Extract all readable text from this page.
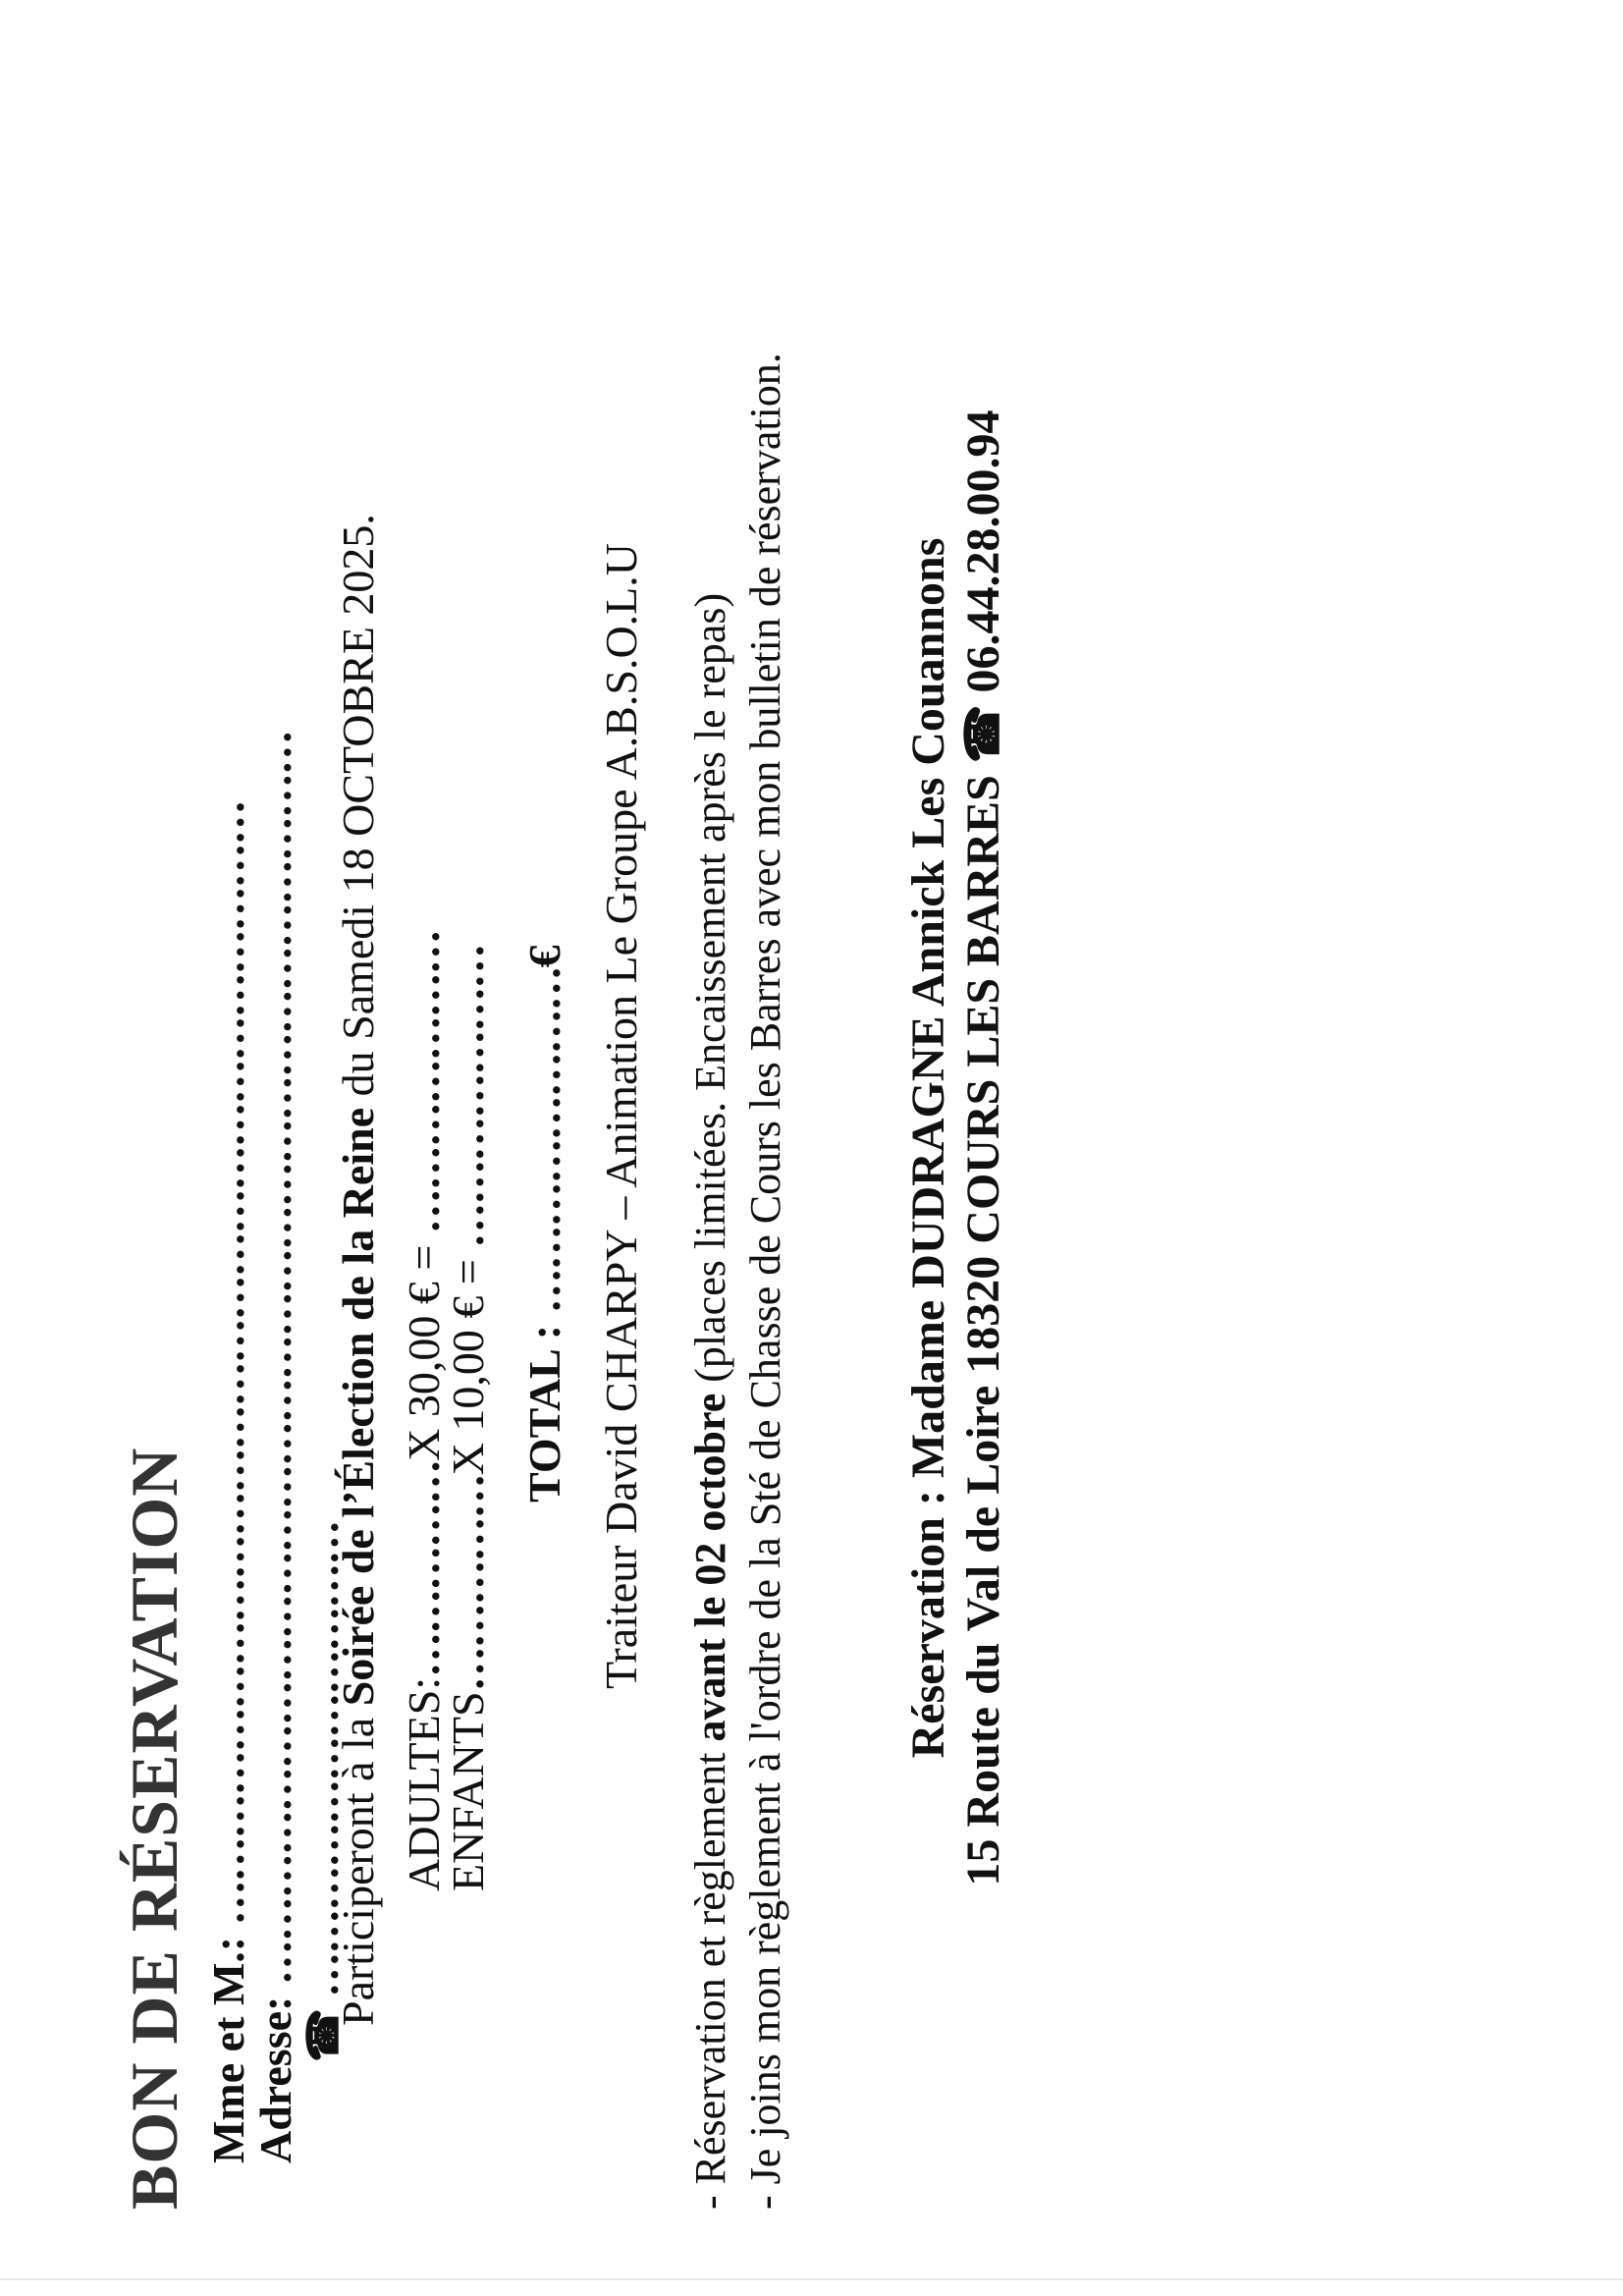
BON DE RÉSERVATION Mme et M.: ……………………………………………………………………
Adresse: ……………………………………………………………………………
☎ ……………………………
Participeront à la Soirée de l’Élection de la Reine du Samedi 18 OCTOBRE 2025.
ADULTES:……………X 30,00 € = …………………
ENFANTS……………X 10,00 € = …………………
TOTAL : ……………………€ Traiteur David CHARPY – Animation Le Groupe A.B.S.O.L.U
- Réservation et règlement avant le 02 octobre (places limitées. Encaissement après le repas) - Je joins mon règlement à l'ordre de la Sté de Chasse de Cours les Barres avec mon bulletin de réservation. Réservation : Madame DUDRAGNE Annick Les Couannons 15 Route du Val de Loire 18320 COURS LES BARRES ☎ 06.44.28.00.94
